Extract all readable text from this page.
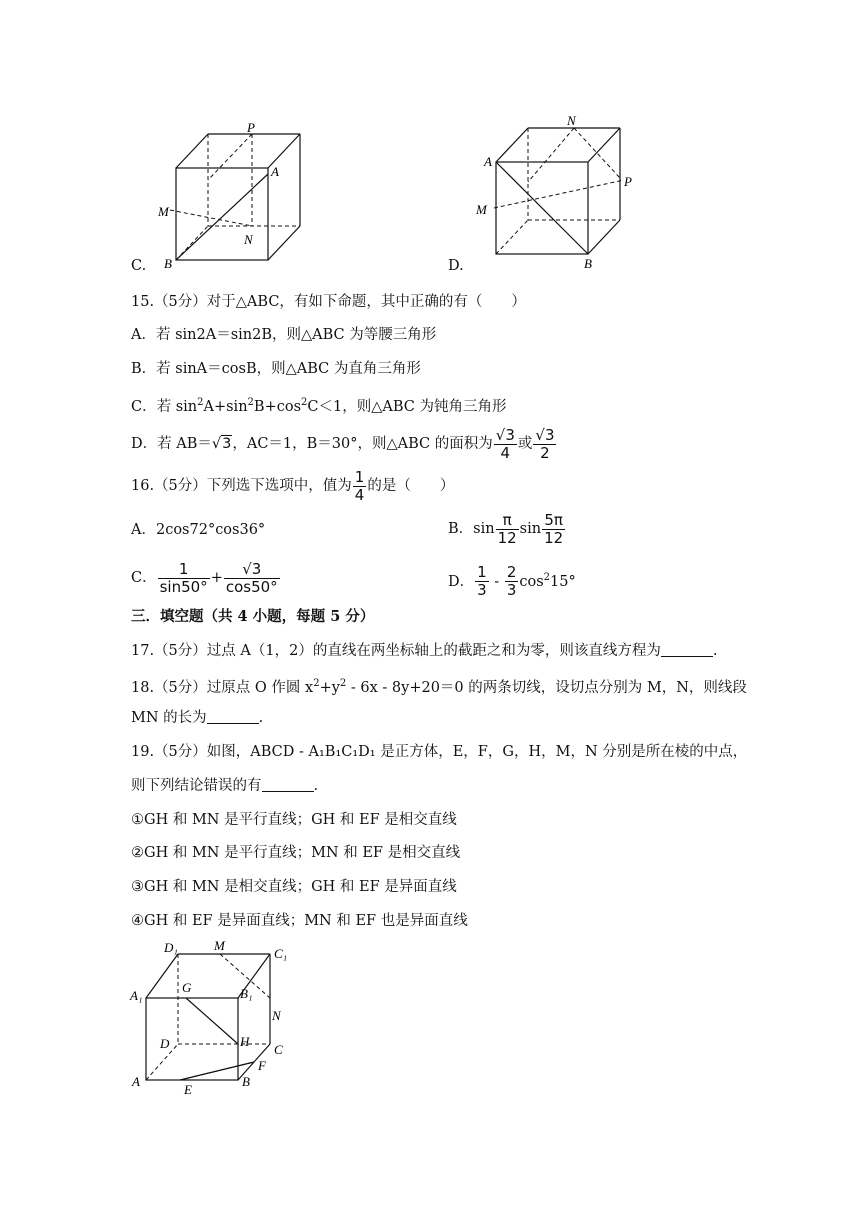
P
A
M
N
B
C.
N
A
P
M
B
D.
15.（5分）对于△ABC，有如下命题，其中正确的有（　　）
A．若 sin2A＝sin2B，则△ABC 为等腰三角形
B．若 sinA＝cosB，则△ABC 为直角三角形
C．若 $\sin^2A+\sin^2B+\cos^2C<1$，则△ABC 为钝角三角形
D．若 AB＝√3，AC＝1，B＝30°，则△ABC 的面积为 $\frac{√3}{4}$ 或 $\frac{√3}{2}$
16.（5分）下列选下选项中，值为 $\frac{1}{4}$ 的是（　　）
A．2cos72°cos36°	B．$\sin \frac{\pi}{12}$ $\sin \frac{5\pi}{12}$
C． $\frac{1}{\sin 50^\circ} + \frac{√3}{\cos 50^\circ}$	D． $\frac{1}{3} - \frac{2}{3} \cos^215^\circ$
三．填空题（共 4 小题，每题 5 分）
17.（5分）过点 A（1，2）的直线在两坐标轴上的截距之和为零，则该直线方程为	.
18.（5分）过原点 O 作圆 $x^2+y^2 - 6x - 8y+20=0$ 的两条切线，设切点分别为 M，N，则线段
MN 的长为	.
19.（5分）如图，ABCD - A₁B₁C₁D₁ 是正方体，E，F，G，H，M，N 分别是所在棱的中点，
则下列结论错误的有	.
①GH 和 MN 是平行直线；GH 和 EF 是相交直线
②GH 和 MN 是平行直线；MN 和 EF 是相交直线
③GH 和 MN 是相交直线；GH 和 EF 是异面直线
④GH 和 EF 是异面直线；MN 和 EF 也是异面直线
D₁	M
C₁
A₁
G	B₁
N
D	H
C
F
A	B
E
